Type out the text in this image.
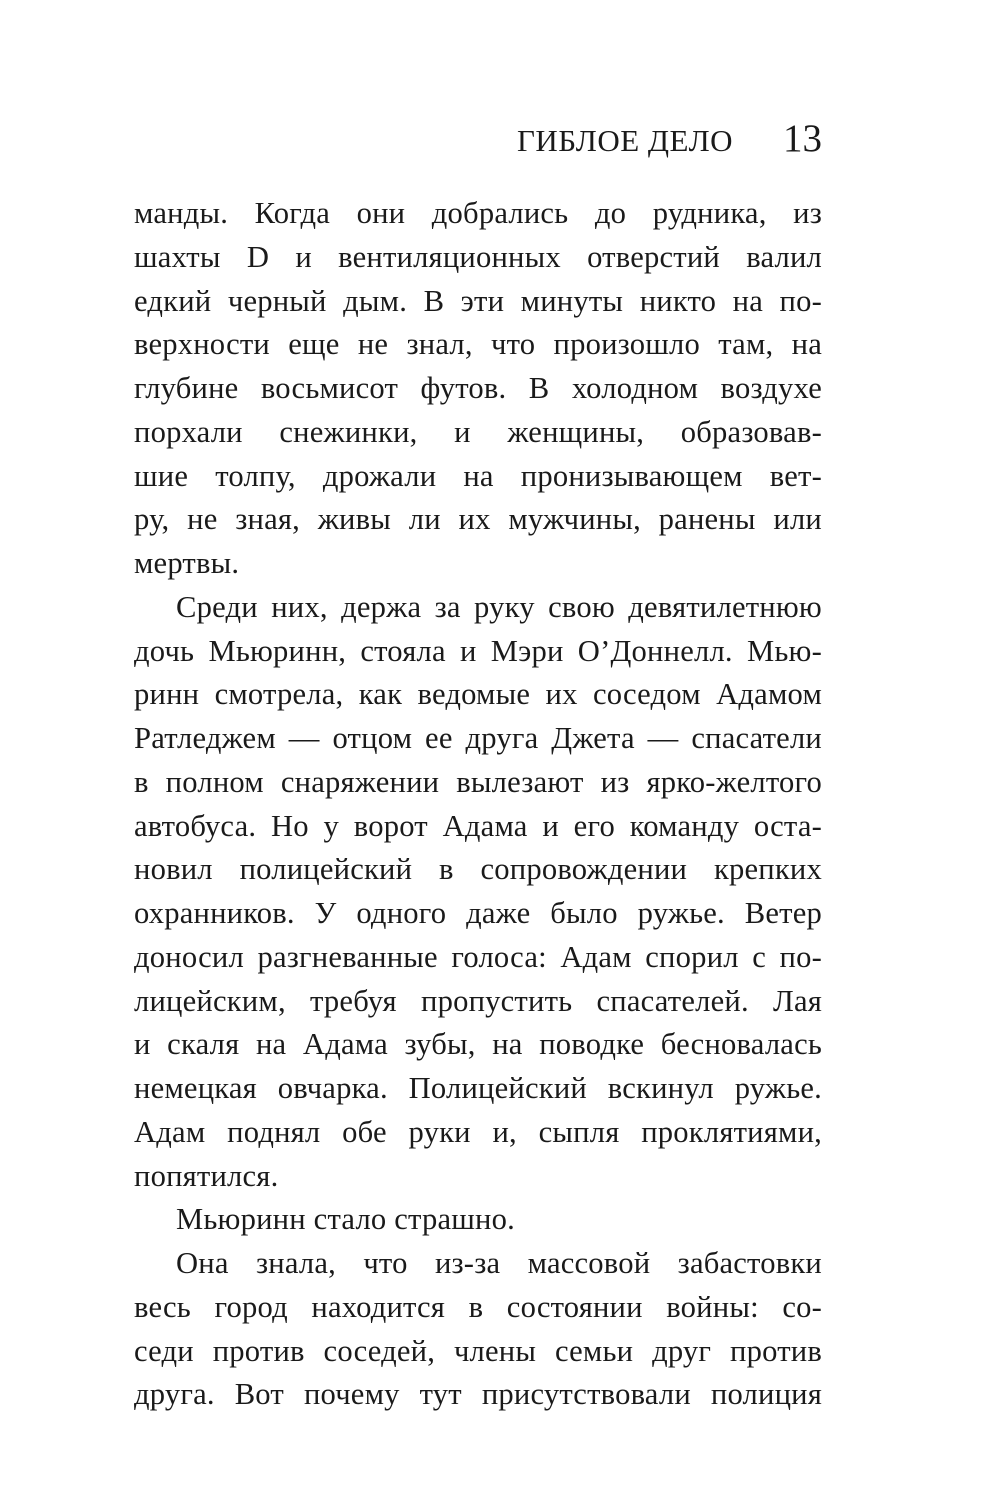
ГИБЛОЕ ДЕЛО 13
манды. Когда они добрались до рудника, из
шахты D и вентиляционных отверстий валил
едкий черный дым. В эти минуты никто на по-
верхности еще не знал, что произошло там, на
глубине восьмисот футов. В холодном воздухе
порхали снежинки, и женщины, образовав-
шие толпу, дрожали на пронизывающем вет-
ру, не зная, живы ли их мужчины, ранены или
мертвы.
Среди них, держа за руку свою девятилетнюю
дочь Мьюринн, стояла и Мэри О’Доннелл. Мью-
ринн смотрела, как ведомые их соседом Адамом
Ратледжем — отцом ее друга Джета — спасатели
в полном снаряжении вылезают из ярко-желтого
автобуса. Но у ворот Адама и его команду оста-
новил полицейский в сопровождении крепких
охранников. У одного даже было ружье. Ветер
доносил разгневанные голоса: Адам спорил с по-
лицейским, требуя пропустить спасателей. Лая
и скаля на Адама зубы, на поводке бесновалась
немецкая овчарка. Полицейский вскинул ружье.
Адам поднял обе руки и, сыпля проклятиями,
попятился.
Мьюринн стало страшно.
Она знала, что из-за массовой забастовки
весь город находится в состоянии войны: со-
седи против соседей, члены семьи друг против
друга. Вот почему тут присутствовали полиция
